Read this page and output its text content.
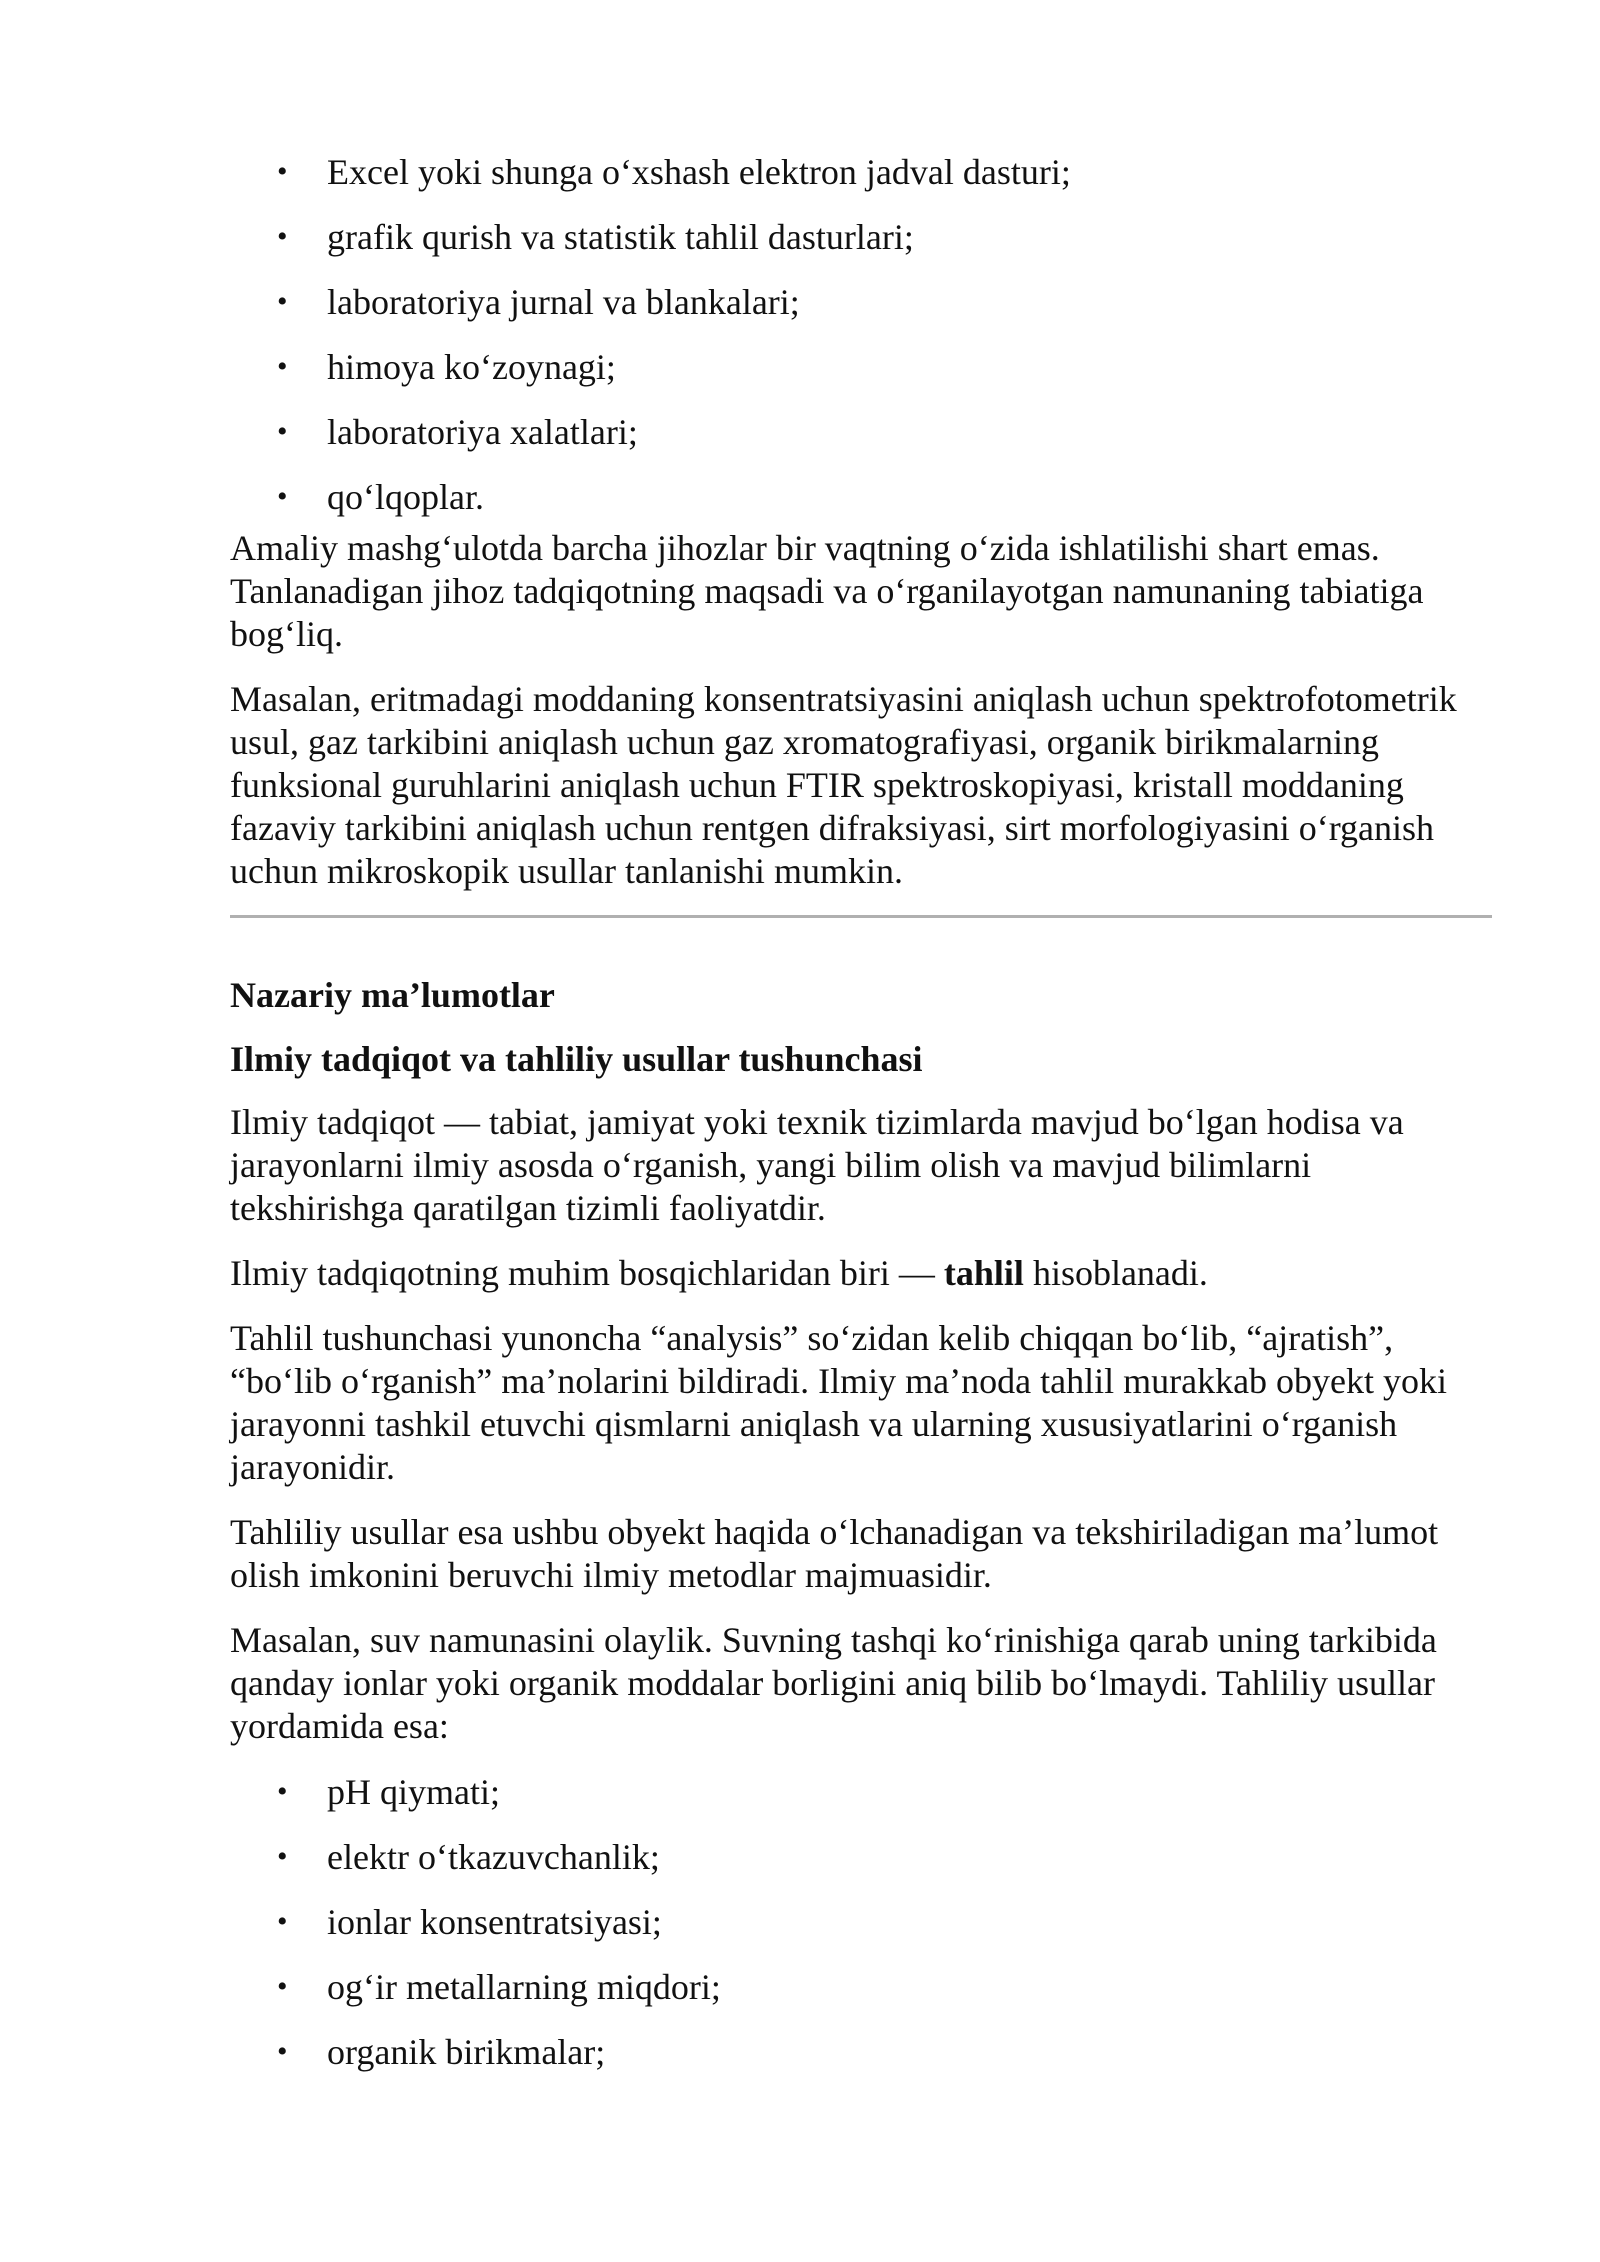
• Excel yoki shunga o‘xshash elektron jadval dasturi;
• grafik qurish va statistik tahlil dasturlari;
• laboratoriya jurnal va blankalari;
• himoya ko‘zoynagi;
• laboratoriya xalatlari;
• qo‘lqoplar.

Amaliy mashg‘ulotda barcha jihozlar bir vaqtning o‘zida ishlatilishi shart emas. Tanlanadigan jihoz tadqiqotning maqsadi va o‘rganilayotgan namunaning tabiatiga bog‘liq.

Masalan, eritmadagi moddaning konsentratsiyasini aniqlash uchun spektrofotometrik usul, gaz tarkibini aniqlash uchun gaz xromatografiyasi, organik birikmalarning funksional guruhlarini aniqlash uchun FTIR spektroskopiyasi, kristall moddaning fazaviy tarkibini aniqlash uchun rentgen difraksiyasi, sirt morfologiyasini o‘rganish uchun mikroskopik usullar tanlanishi mumkin.

Nazariy ma’lumotlar
Ilmiy tadqiqot va tahliliy usullar tushunchasi

Ilmiy tadqiqot — tabiat, jamiyat yoki texnik tizimlarda mavjud bo‘lgan hodisa va jarayonlarni ilmiy asosda o‘rganish, yangi bilim olish va mavjud bilimlarni tekshirishga qaratilgan tizimli faoliyatdir.

Ilmiy tadqiqotning muhim bosqichlaridan biri — tahlil hisoblanadi.

Tahlil tushunchasi yunoncha “analysis” so‘zidan kelib chiqqan bo‘lib, “ajratish”, “bo‘lib o‘rganish” ma’nolarini bildiradi. Ilmiy ma’noda tahlil murakkab obyekt yoki jarayonni tashkil etuvchi qismlarni aniqlash va ularning xususiyatlarini o‘rganish jarayonidir.

Tahliliy usullar esa ushbu obyekt haqida o‘lchanadigan va tekshiriladigan ma’lumot olish imkonini beruvchi ilmiy metodlar majmuasidir.

Masalan, suv namunasini olaylik. Suvning tashqi ko‘rinishiga qarab uning tarkibida qanday ionlar yoki organik moddalar borligini aniq bilib bo‘lmaydi. Tahliliy usullar yordamida esa:

• pH qiymati;
• elektr o‘tkazuvchanlik;
• ionlar konsentratsiyasi;
• og‘ir metallarning miqdori;
• organik birikmalar;
